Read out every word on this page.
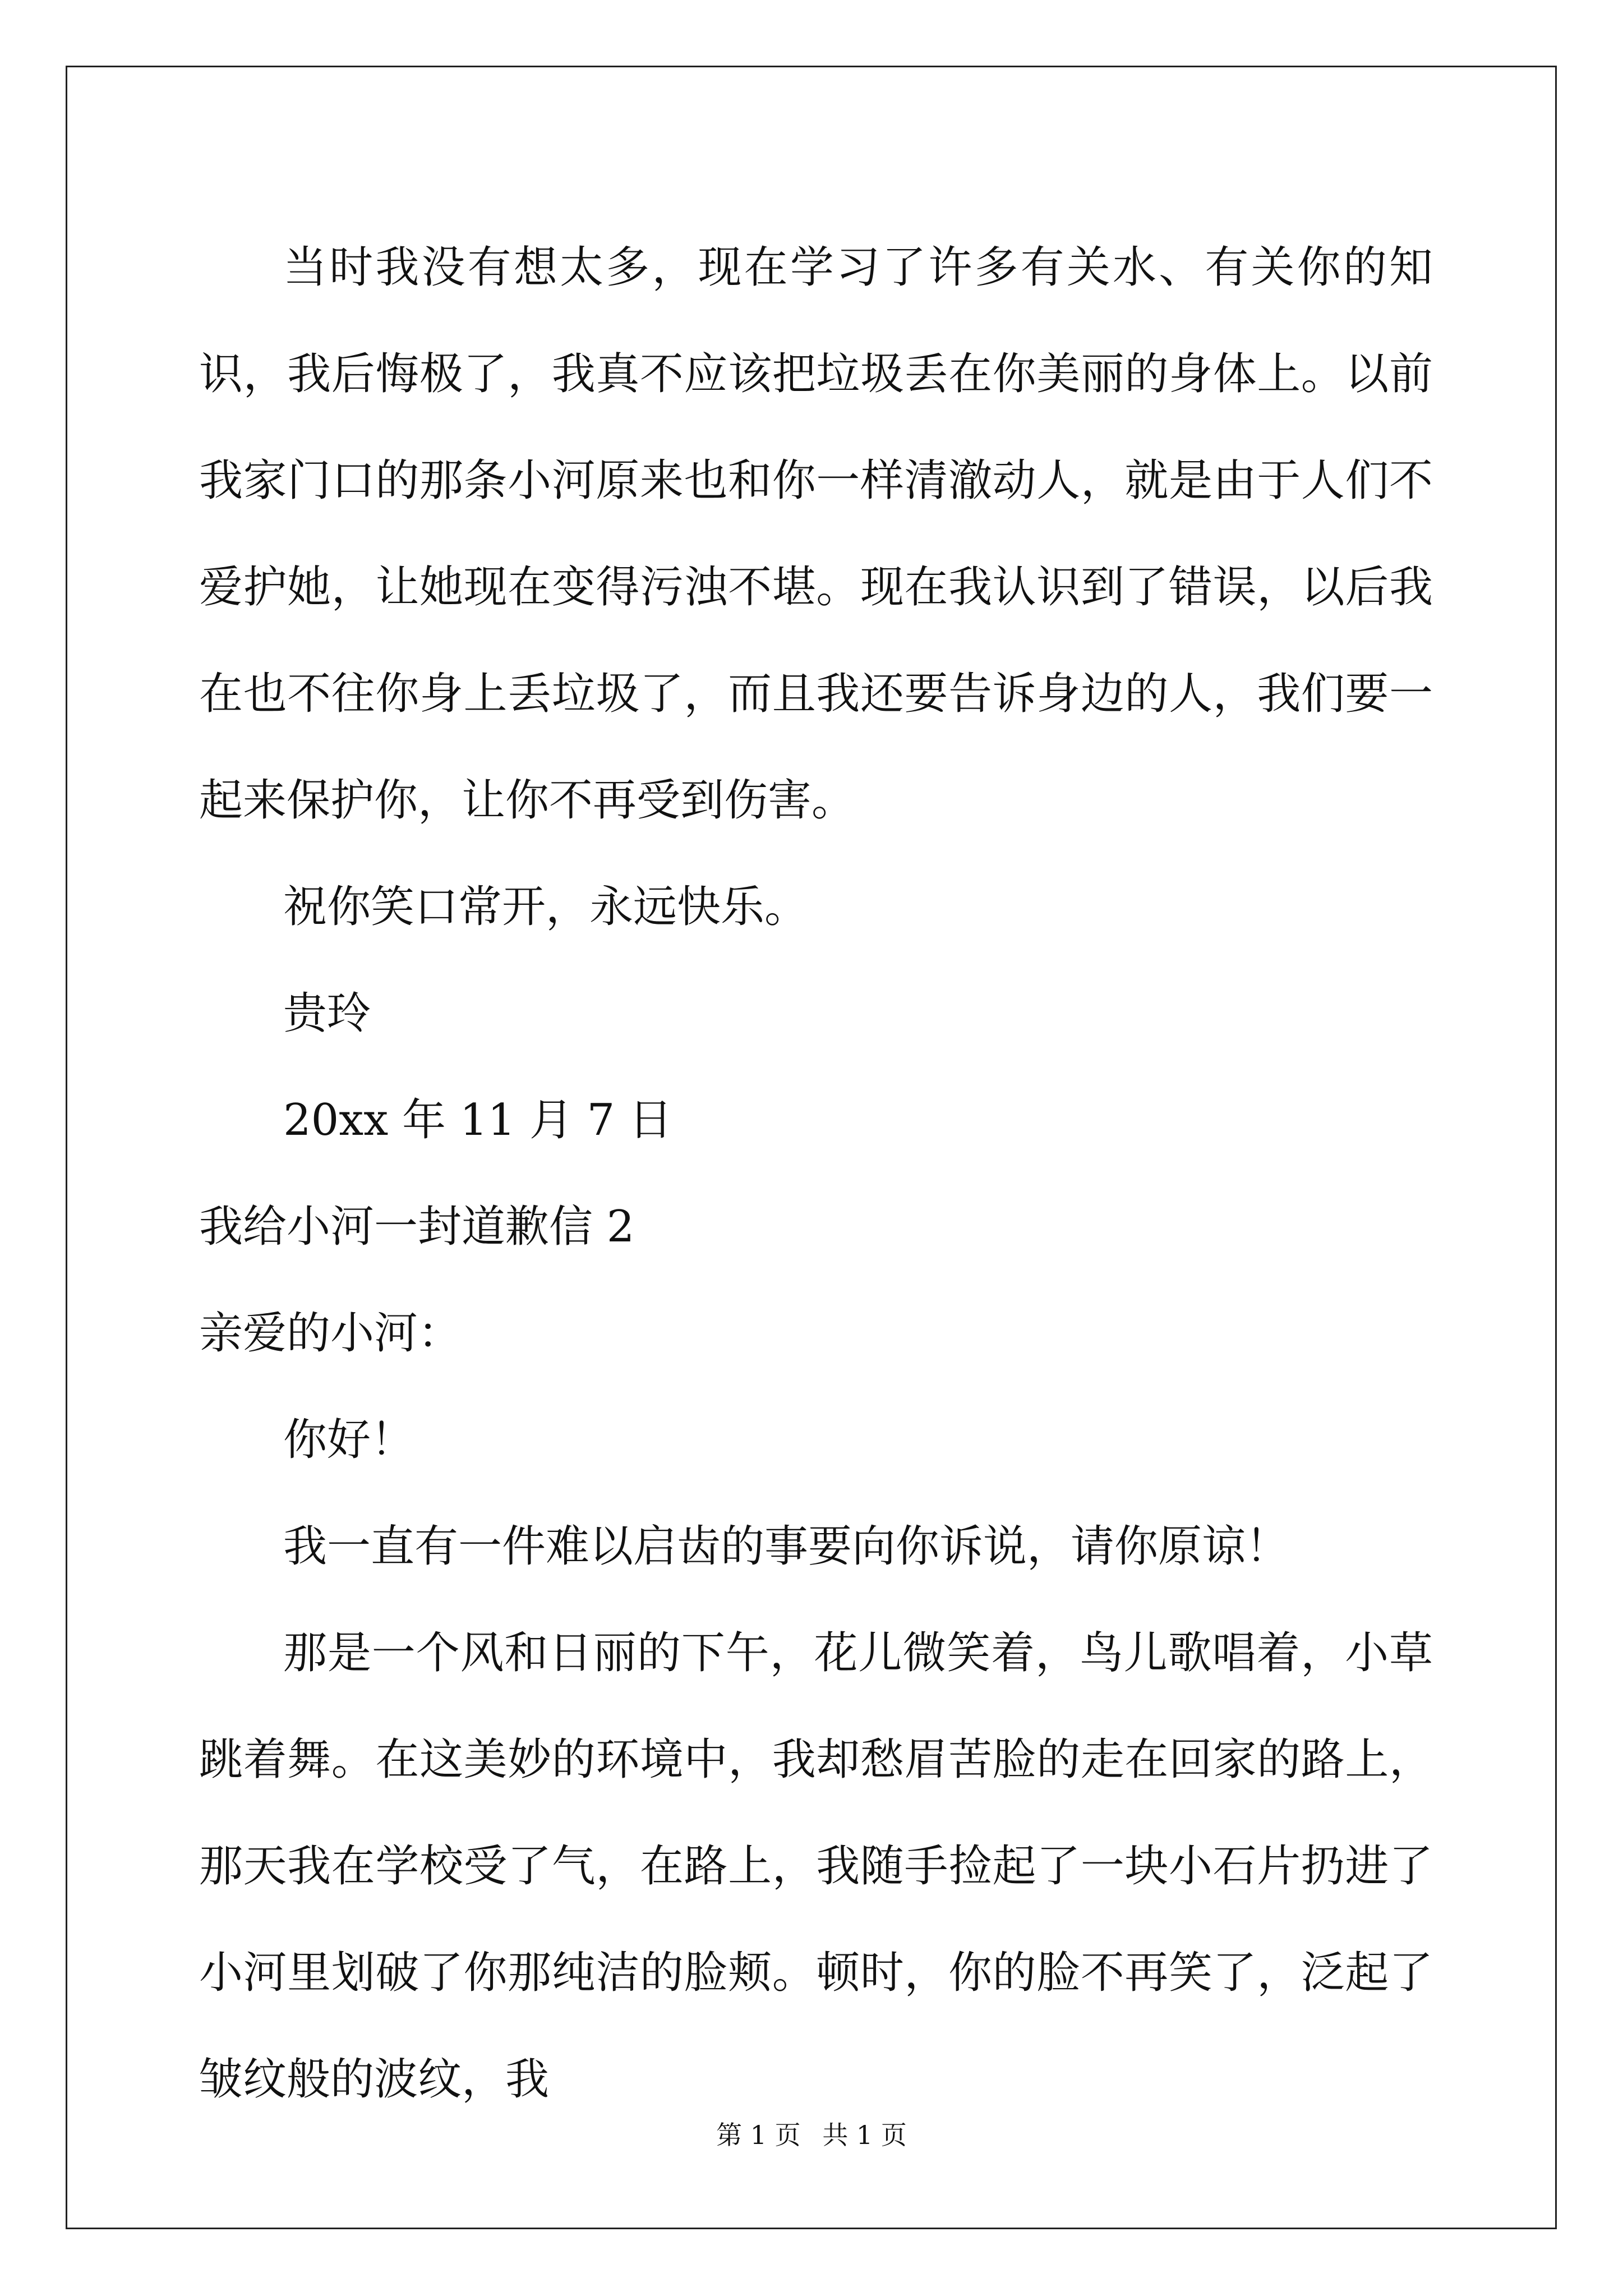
当时我没有想太多，现在学习了许多有关水、有关你的知识，我后悔极了，我真不应该把垃圾丢在你美丽的身体上。以前我家门口的那条小河原来也和你一样清澈动人，就是由于人们不爱护她，让她现在变得污浊不堪。现在我认识到了错误，以后我在也不往你身上丢垃圾了，而且我还要告诉身边的人，我们要一起来保护你，让你不再受到伤害。

祝你笑口常开，永远快乐。

贵玲

20xx 年 11 月 7 日

我给小河一封道歉信 2

亲爱的小河：

你好！

我一直有一件难以启齿的事要向你诉说，请你原谅！

那是一个风和日丽的下午，花儿微笑着，鸟儿歌唱着，小草跳着舞。在这美妙的环境中，我却愁眉苦脸的走在回家的路上，那天我在学校受了气，在路上，我随手捡起了一块小石片扔进了小河里划破了你那纯洁的脸颊。顿时，你的脸不再笑了，泛起了皱纹般的波纹，我

第 1 页 共 1 页
